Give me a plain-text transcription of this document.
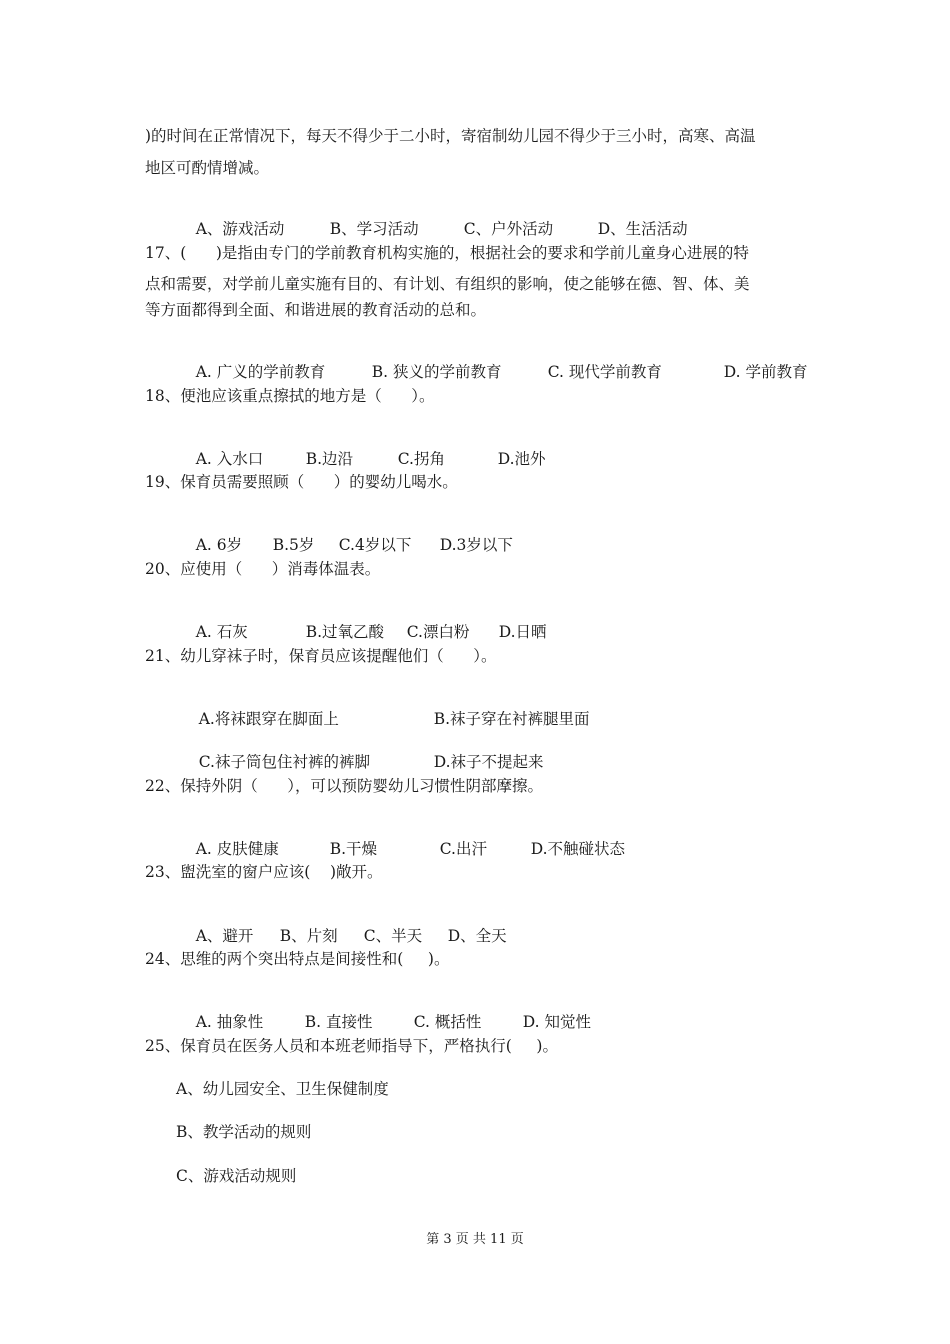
)的时间在正常情况下，每天不得少于二小时，寄宿制幼儿园不得少于三小时，高寒、高温
地区可酌情增减。

A、游戏活动	B、学习活动	C、户外活动	D、生活活动

17、(      )是指由专门的学前教育机构实施的，根据社会的要求和学前儿童身心进展的特
点和需要，对学前儿童实施有目的、有计划、有组织的影响，使之能够在德、智、体、美
等方面都得到全面、和谐进展的教育活动的总和。

A. 广义的学前教育	B. 狭义的学前教育	C. 现代学前教育	D. 学前教育

18、便池应该重点擦拭的地方是（      ）。

A. 入水口	B.边沿	C.拐角	D.池外

19、保育员需要照顾（      ）的婴幼儿喝水。

A. 6岁 B.5岁 C.4岁以下 D.3岁以下

20、应使用（      ）消毒体温表。

A. 石灰	B.过氧乙酸 C.漂白粉 D.日晒

21、幼儿穿袜子时，保育员应该提醒他们（      ）。

A.将袜跟穿在脚面上	B.袜子穿在衬裤腿里面

C.袜子筒包住衬裤的裤脚	D.袜子不提起来

22、保持外阴（      ），可以预防婴幼儿习惯性阴部摩擦。

A. 皮肤健康	B.干燥	C.出汗	D.不触碰状态

23、盥洗室的窗户应该(    )敞开。

A、避开 B、片刻 C、半天 D、全天

24、思维的两个突出特点是间接性和(     )。

A. 抽象性	B. 直接性	C. 概括性	D. 知觉性

25、保育员在医务人员和本班老师指导下，严格执行(     )。
A、幼儿园安全、卫生保健制度
B、教学活动的规则
C、游戏活动规则
第 3 页 共 11 页
